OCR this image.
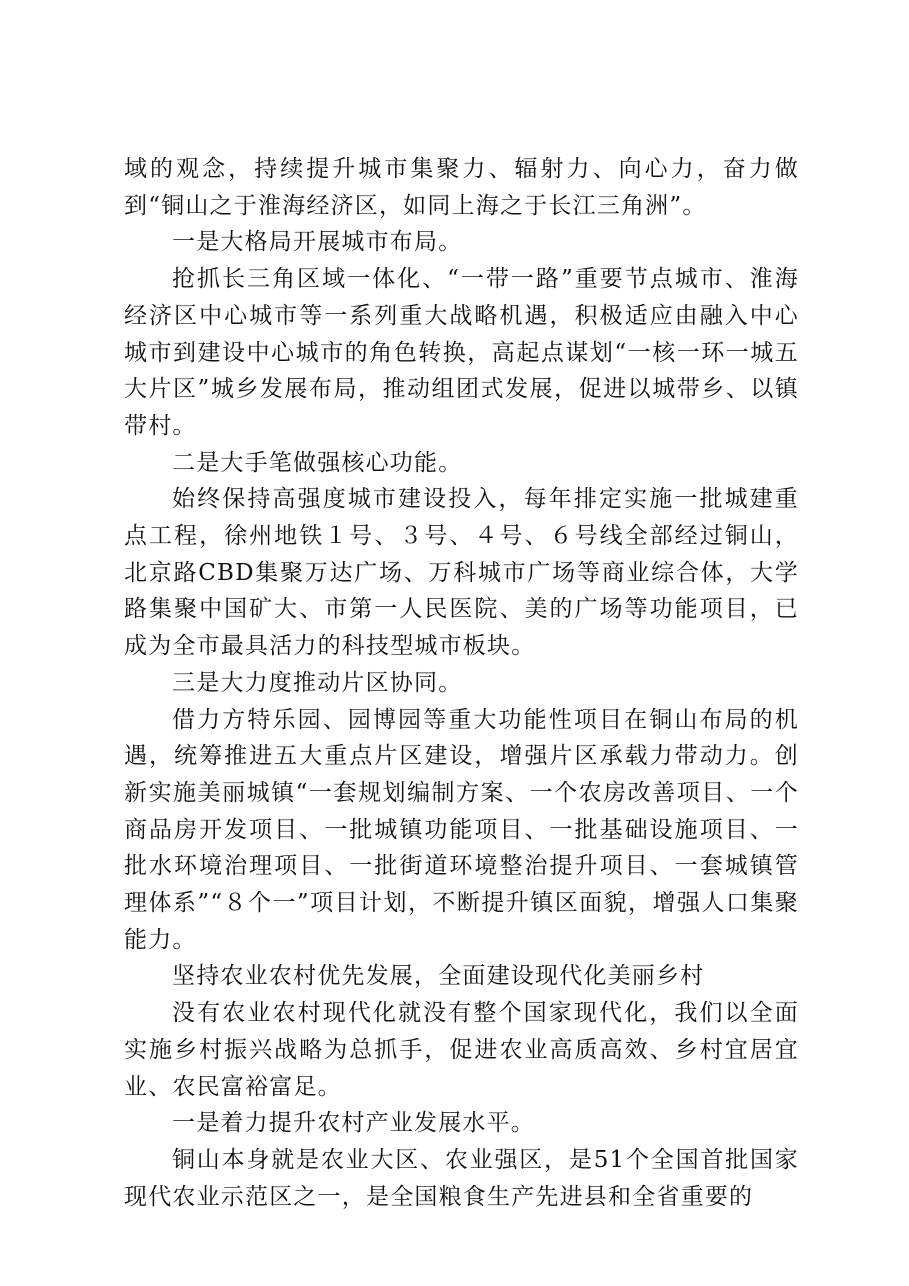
域的观念，持续提升城市集聚力、辐射力、向心力，奋力做到“铜山之于淮海经济区，如同上海之于长江三角洲”。

一是大格局开展城市布局。

抢抓长三角区域一体化、“一带一路”重要节点城市、淮海经济区中心城市等一系列重大战略机遇，积极适应由融入中心城市到建设中心城市的角色转换，高起点谋划“一核一环一城五大片区”城乡发展布局，推动组团式发展，促进以城带乡、以镇带村。

二是大手笔做强核心功能。

始终保持高强度城市建设投入，每年排定实施一批城建重点工程，徐州地铁１号、３号、４号、６号线全部经过铜山，北京路CBD集聚万达广场、万科城市广场等商业综合体，大学路集聚中国矿大、市第一人民医院、美的广场等功能项目，已成为全市最具活力的科技型城市板块。

三是大力度推动片区协同。

借力方特乐园、园博园等重大功能性项目在铜山布局的机遇，统筹推进五大重点片区建设，增强片区承载力带动力。创新实施美丽城镇“一套规划编制方案、一个农房改善项目、一个商品房开发项目、一批城镇功能项目、一批基础设施项目、一批水环境治理项目、一批街道环境整治提升项目、一套城镇管理体系”“８个一”项目计划，不断提升镇区面貌，增强人口集聚能力。

坚持农业农村优先发展，全面建设现代化美丽乡村

没有农业农村现代化就没有整个国家现代化，我们以全面实施乡村振兴战略为总抓手，促进农业高质高效、乡村宜居宜业、农民富裕富足。

一是着力提升农村产业发展水平。

铜山本身就是农业大区、农业强区，是51个全国首批国家现代农业示范区之一，是全国粮食生产先进县和全省重要的
